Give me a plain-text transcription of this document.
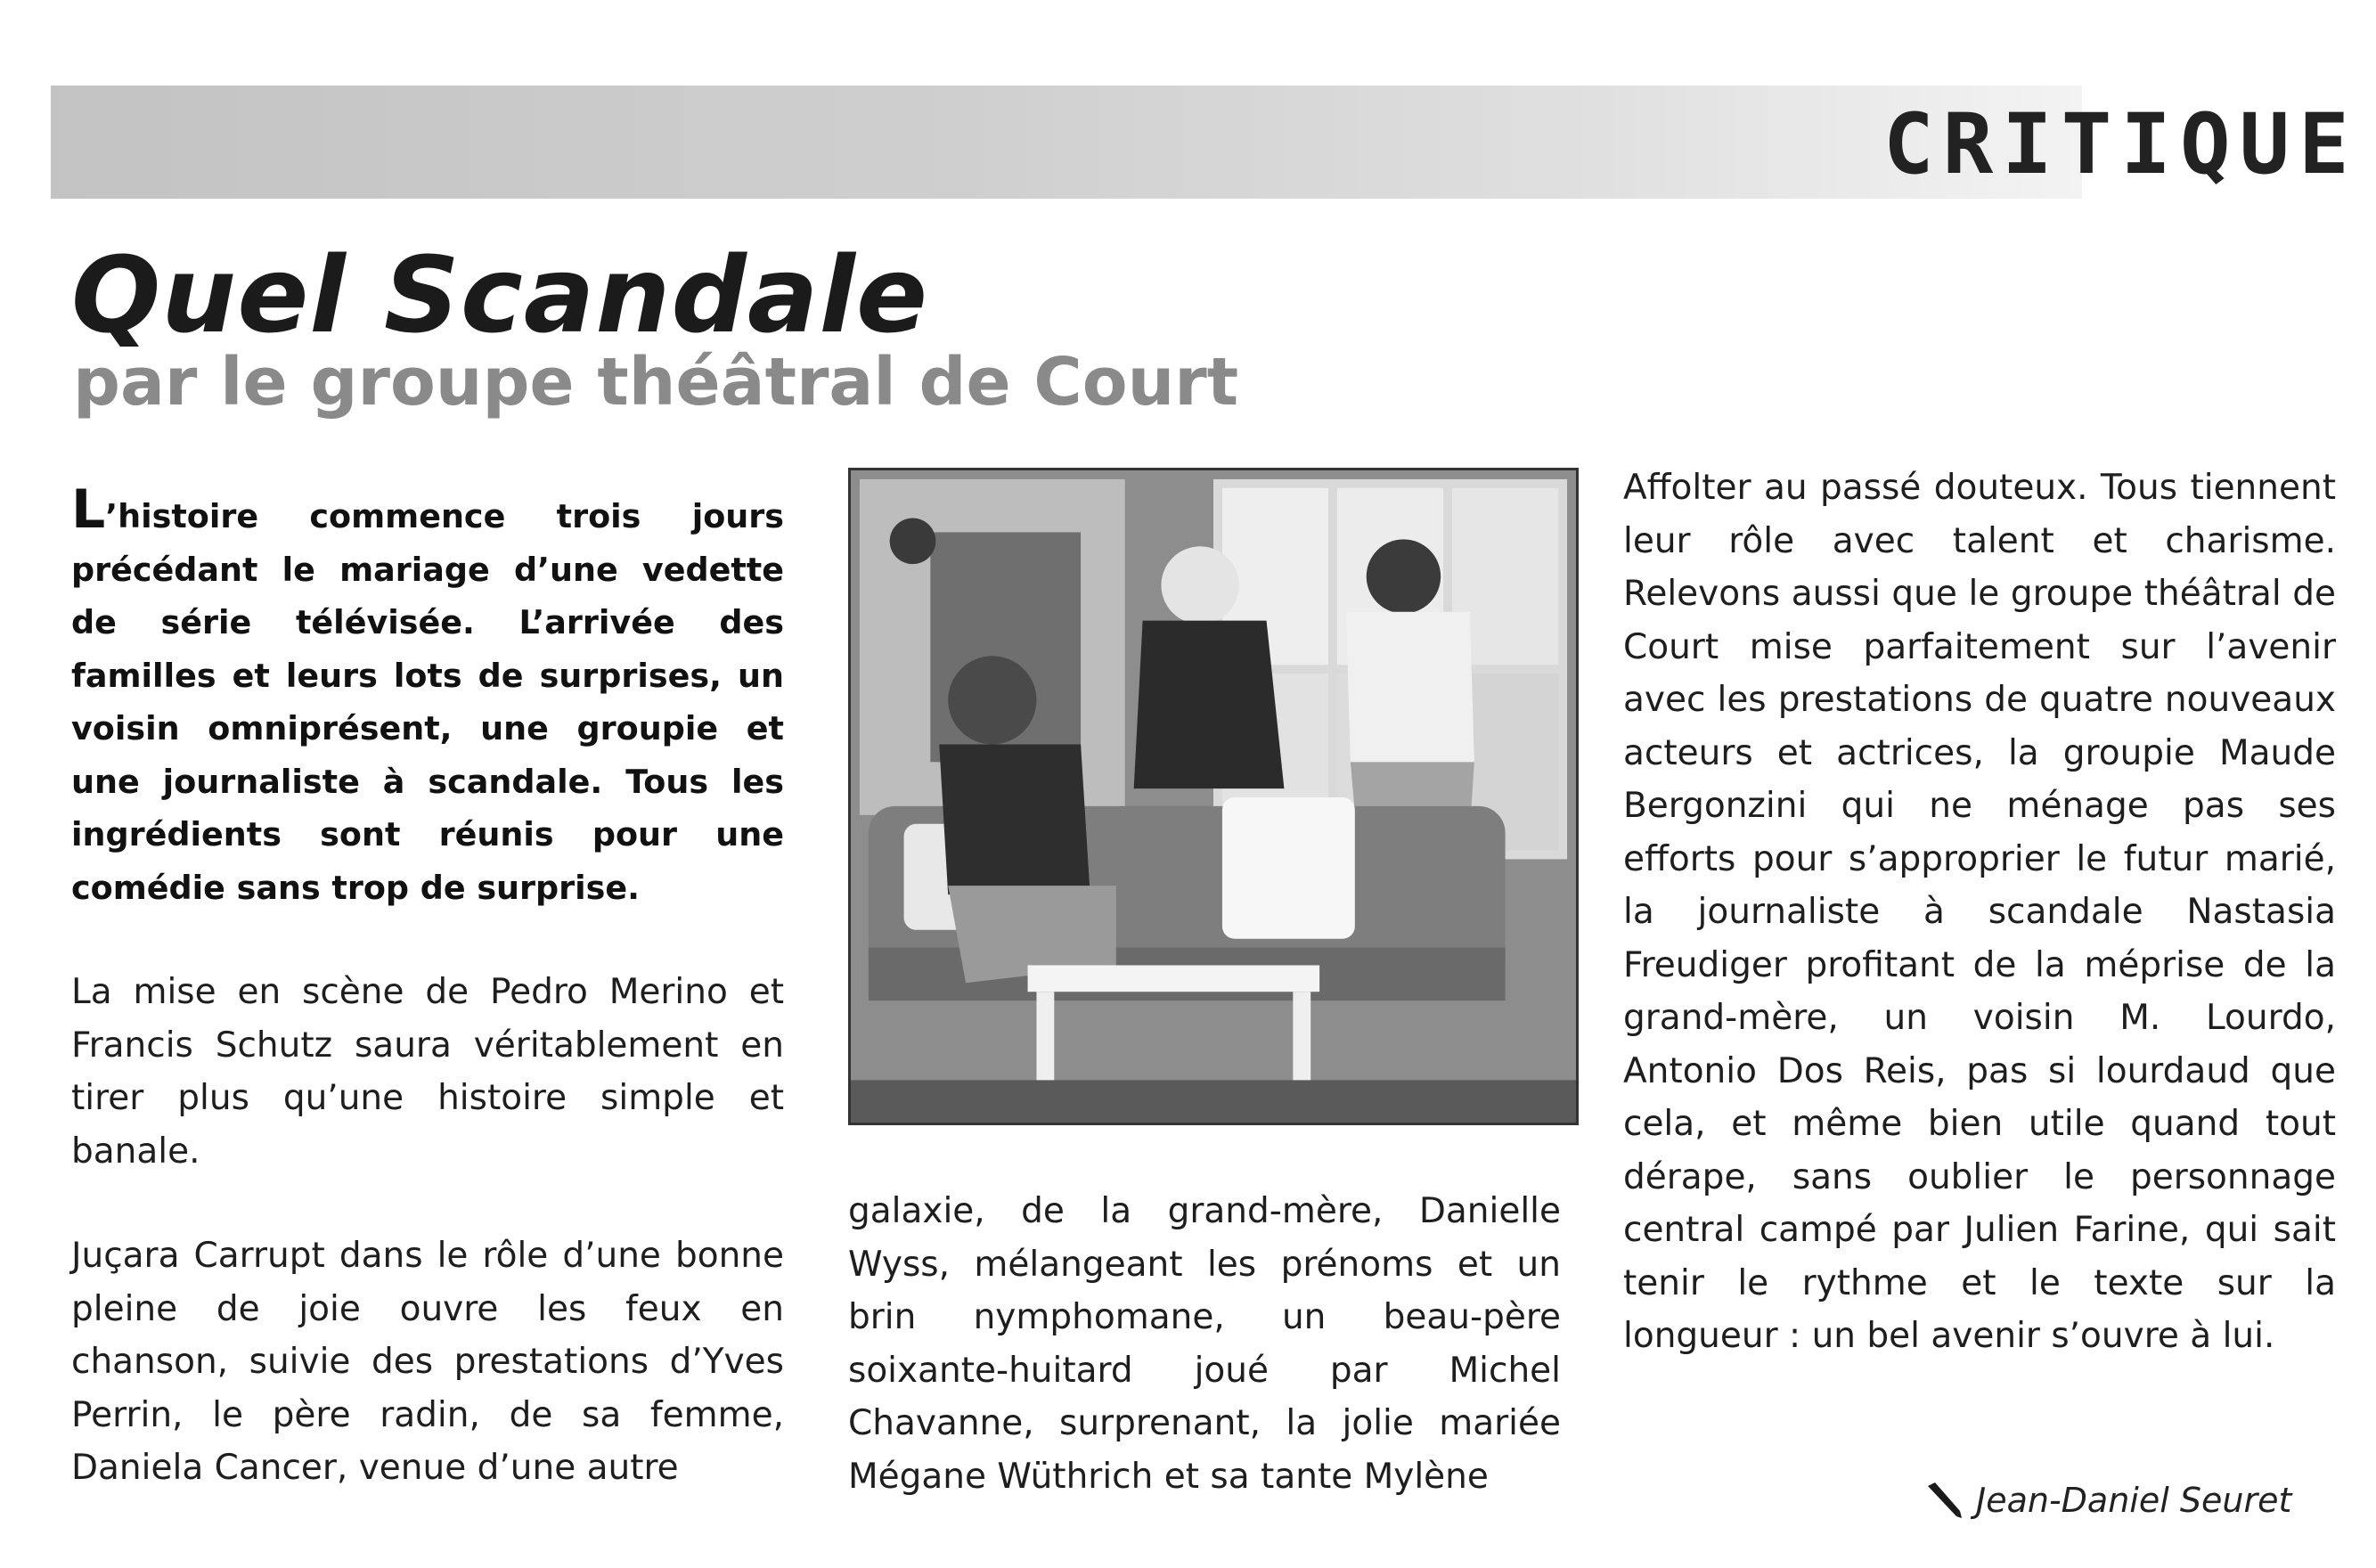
CRITIQUE
Quel Scandale
par le groupe théâtral de Court

L’histoire commence trois jours précédant le mariage d’une vedette de série télévisée. L’arrivée des familles et leurs lots de surprises, un voisin omniprésent, une groupie et une journaliste à scandale. Tous les ingrédients sont réunis pour une comédie sans trop de surprise.

La mise en scène de Pedro Merino et Francis Schutz saura véritablement en tirer plus qu’une histoire simple et banale.

Juçara Carrupt dans le rôle d’une bonne pleine de joie ouvre les feux en chanson, suivie des prestations d’Yves Perrin, le père radin, de sa femme, Daniela Cancer, venue d’une autre

galaxie, de la grand-mère, Danielle Wyss, mélangeant les prénoms et un brin nymphomane, un beau-père soixante-huitard joué par Michel Chavanne, surprenant, la jolie mariée Mégane Wüthrich et sa tante Mylène

Affolter au passé douteux. Tous tiennent leur rôle avec talent et charisme. Relevons aussi que le groupe théâtral de Court mise parfaitement sur l’avenir avec les prestations de quatre nouveaux acteurs et actrices, la groupie Maude Bergonzini qui ne ménage pas ses efforts pour s’approprier le futur marié, la journaliste à scandale Nastasia Freudiger profitant de la méprise de la grand-mère, un voisin M. Lourdo, Antonio Dos Reis, pas si lourdaud que cela, et même bien utile quand tout dérape, sans oublier le personnage central campé par Julien Farine, qui sait tenir le rythme et le texte sur la longueur : un bel avenir s’ouvre à lui.

Jean-Daniel Seuret
